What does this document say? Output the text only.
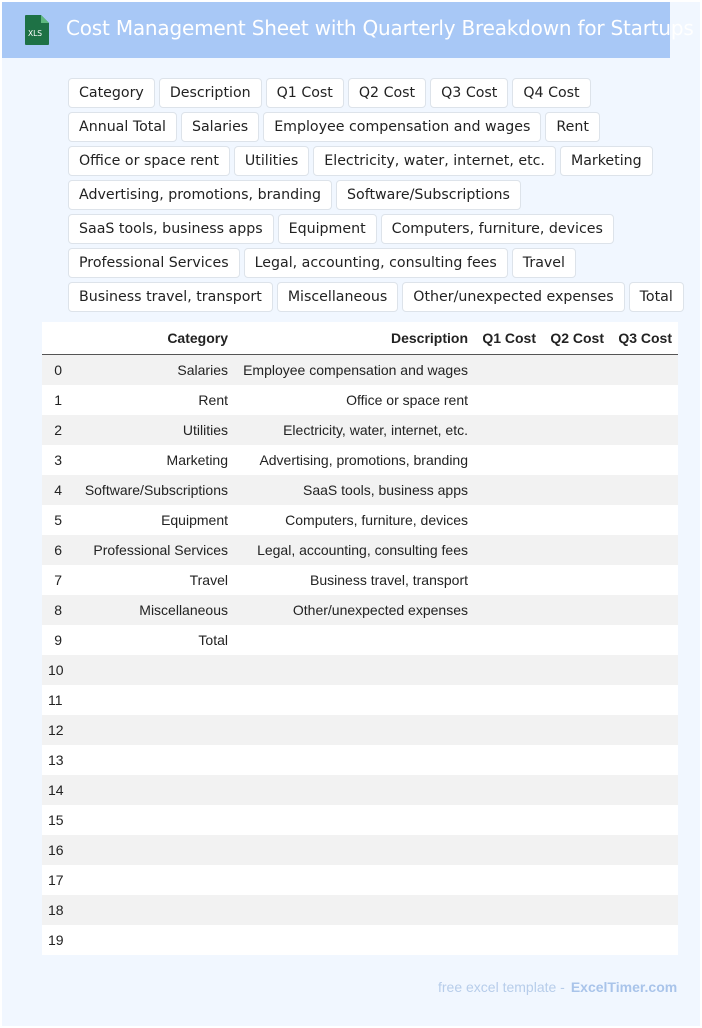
XLS Cost Management Sheet with Quarterly Breakdown for Startups
Category	Description	Q1 Cost	Q2 Cost	Q3 Cost	Q4 Cost
Annual Total	Salaries	Employee compensation and wages	Rent
Office or space rent	Utilities	Electricity, water, internet, etc.	Marketing
Advertising, promotions, branding	Software/Subscriptions
SaaS tools, business apps	Equipment	Computers, furniture, devices
Professional Services	Legal, accounting, consulting fees	Travel
Business travel, transport	Miscellaneous	Other/unexpected expenses	Total
	Category	Description	Q1 Cost	Q2 Cost	Q3 Cost
0	Salaries	Employee compensation and wages			
1	Rent	Office or space rent			
2	Utilities	Electricity, water, internet, etc.			
3	Marketing	Advertising, promotions, branding			
4	Software/Subscriptions	SaaS tools, business apps			
5	Equipment	Computers, furniture, devices			
6	Professional Services	Legal, accounting, consulting fees			
7	Travel	Business travel, transport			
8	Miscellaneous	Other/unexpected expenses			
9	Total				
10					
11					
12					
13					
14					
15					
16					
17					
18					
19					
free excel template - ExcelTimer.com
